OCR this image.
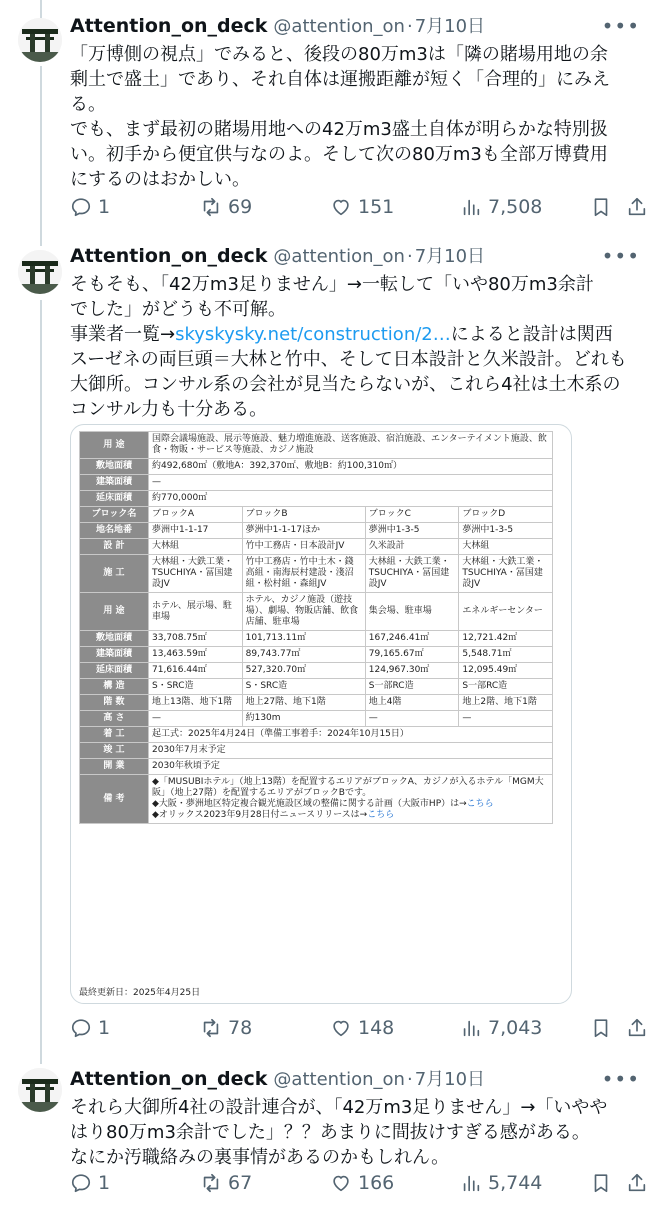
Attention_on_deck @attention_on · 7月10日	•••
「万博側の視点」でみると、後段の80万m3は「隣の賭場用地の余
剰土で盛土」であり、それ自体は運搬距離が短く「合理的」にみえ
る。
でも、まず最初の賭場用地への42万m3盛土自体が明らかな特別扱
い。初手から便宜供与なのよ。そして次の80万m3も全部万博費用
にするのはおかしい。
1	69	151	7,508
Attention_on_deck @attention_on · 7月10日	•••
そもそも、「42万m3足りません」→一転して「いや80万m3余計
でした」がどうも不可解。
事業者一覧→skyskysky.net/construction/2…によると設計は関西
スーゼネの両巨頭＝大林と竹中、そして日本設計と久米設計。どれも
大御所。コンサル系の会社が見当たらないが、これら4社は土木系の
コンサル力も十分ある。
用 途	国際会議場施設、展示等施設、魅力増進施設、送客施設、宿泊施設、エンターテイメント施設、飲食・物販・サービス等施設、カジノ施設			
敷地面積	約492,680㎡（敷地A：392,370㎡、敷地B：約100,310㎡）			
建築面積	—			
延床面積	約770,000㎡			
ブロック名	ブロックA	ブロックB	ブロックC	ブロックD
地名地番	夢洲中1-1-17	夢洲中1-1-17ほか	夢洲中1-3-5	夢洲中1-3-5
設 計	大林組	竹中工務店・日本設計JV	久米設計	大林組
施 工	大林組・大鉄工業・TSUCHIYA・冨国建設JV	竹中工務店・竹中土木・錢高組・南海辰村建設・淺沼組・松村組・森組JV	大林組・大鉄工業・TSUCHIYA・冨国建設JV	大林組・大鉄工業・TSUCHIYA・冨国建設JV
用 途	ホテル、展示場、駐車場	ホテル、カジノ施設（遊技場）、劇場、物販店舗、飲食店舗、駐車場	集会場、駐車場	エネルギーセンター
敷地面積	33,708.75㎡	101,713.11㎡	167,246.41㎡	12,721.42㎡
建築面積	13,463.59㎡	89,743.77㎡	79,165.67㎡	5,548.71㎡
延床面積	71,616.44㎡	527,320.70㎡	124,967.30㎡	12,095.49㎡
構 造	S・SRC造	S・SRC造	S一部RC造	S一部RC造
階 数	地上13階、地下1階	地上27階、地下1階	地上4階	地上2階、地下1階
高 さ	—	約130m	—	—
着 工	起工式：2025年4月24日（準備工事着手：2024年10月15日）			
竣 工	2030年7月末予定			
開 業	2030年秋頃予定			
備 考	◆「MUSUBIホテル」（地上13階）を配置するエリアがブロックA、カジノが入るホテル「MGM大阪」（地上27階）を配置するエリアがブロックBです。
◆大阪・夢洲地区特定複合観光施設区域の整備に関する計画（大阪市HP）は→こちら
◆オリックス2023年9月28日付ニュースリリースは→こちら			
最終更新日：2025年4月25日
1	78	148	7,043
Attention_on_deck @attention_on · 7月10日	•••
それら大御所4社の設計連合が、「42万m3足りません」→「いやや
はり80万m3余計でした」？？あまりに間抜けすぎる感がある。
なにか汚職絡みの裏事情があるのかもしれん。
1	67	166	5,744
